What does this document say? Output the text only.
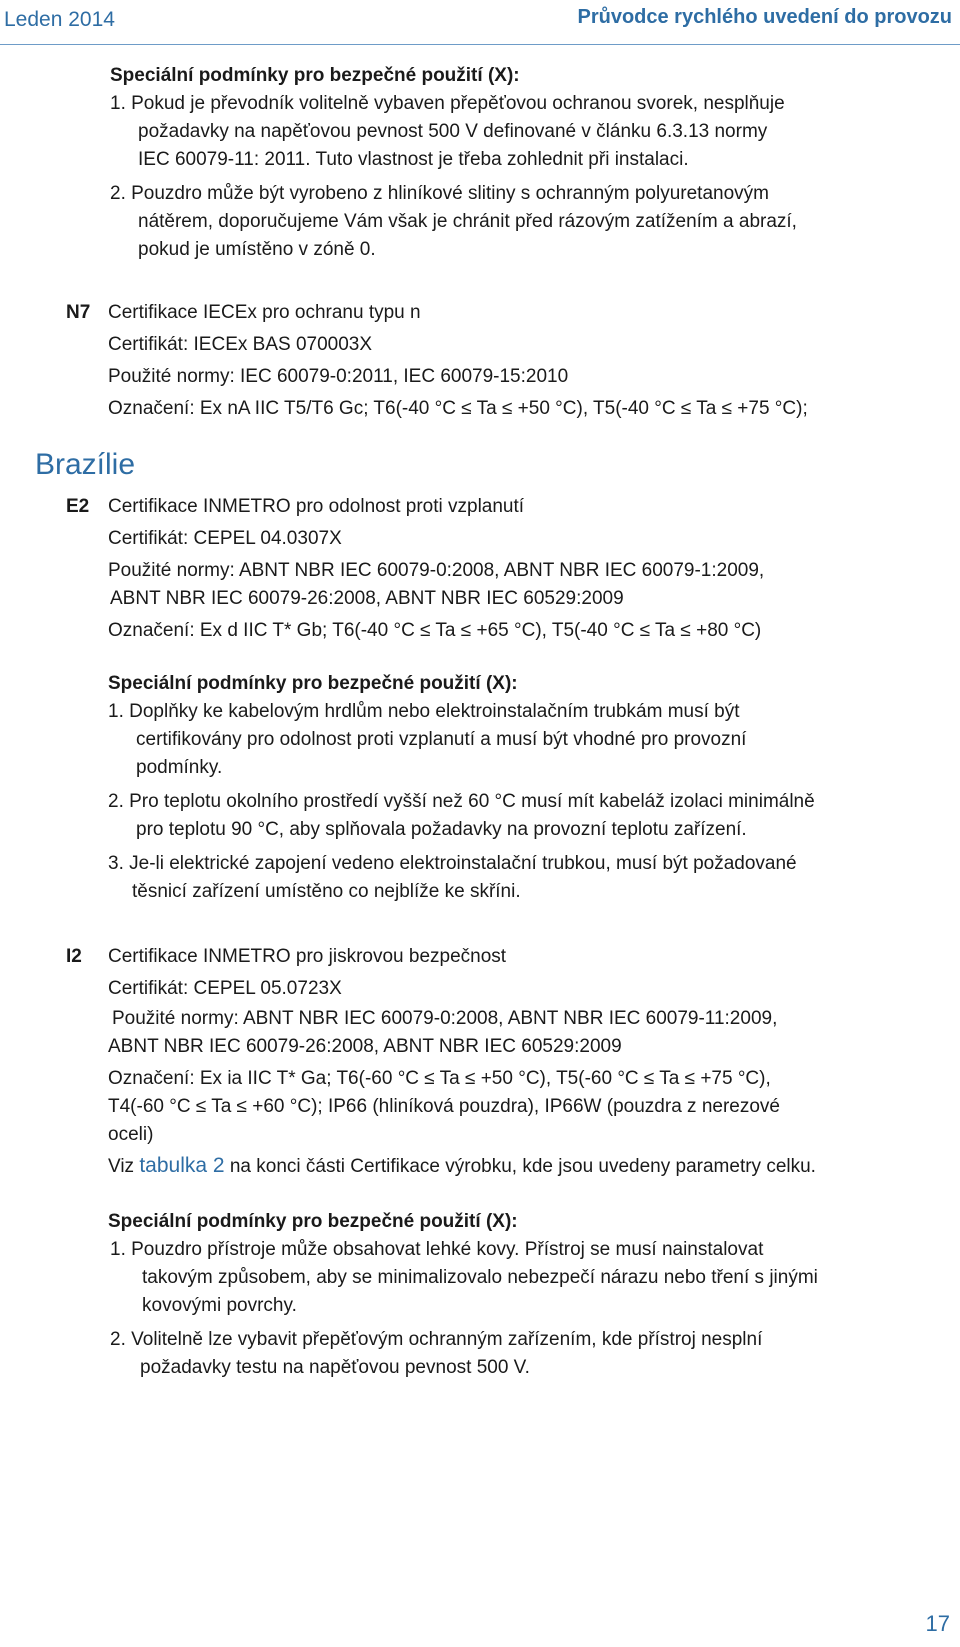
Leden 2014	Průvodce rychlého uvedení do provozu
Speciální podmínky pro bezpečné použití (X):
1. Pokud je převodník volitelně vybaven přepěťovou ochranou svorek, nesplňuje
požadavky na napěťovou pevnost 500 V definované v článku 6.3.13 normy
IEC 60079-11: 2011. Tuto vlastnost je třeba zohlednit při instalaci.
2. Pouzdro může být vyrobeno z hliníkové slitiny s ochranným polyuretanovým
nátěrem, doporučujeme Vám však je chránit před rázovým zatížením a abrazí,
pokud je umístěno v zóně 0.
N7 Certifikace IECEx pro ochranu typu n
Certifikát: IECEx BAS 070003X
Použité normy: IEC 60079-0:2011, IEC 60079-15:2010
Označení: Ex nA IIC T5/T6 Gc; T6(-40 °C ≤ Ta ≤ +50 °C), T5(-40 °C ≤ Ta ≤ +75 °C);
Brazílie
E2 Certifikace INMETRO pro odolnost proti vzplanutí
Certifikát: CEPEL 04.0307X
Použité normy: ABNT NBR IEC 60079-0:2008, ABNT NBR IEC 60079-1:2009,
ABNT NBR IEC 60079-26:2008, ABNT NBR IEC 60529:2009
Označení: Ex d IIC T* Gb; T6(-40 °C ≤ Ta ≤ +65 °C), T5(-40 °C ≤ Ta ≤ +80 °C)
Speciální podmínky pro bezpečné použití (X):
1. Doplňky ke kabelovým hrdlům nebo elektroinstalačním trubkám musí být
certifikovány pro odolnost proti vzplanutí a musí být vhodné pro provozní
podmínky.
2. Pro teplotu okolního prostředí vyšší než 60 °C musí mít kabeláž izolaci minimálně
pro teplotu 90 °C, aby splňovala požadavky na provozní teplotu zařízení.
3. Je-li elektrické zapojení vedeno elektroinstalační trubkou, musí být požadované
těsnicí zařízení umístěno co nejblíže ke skříni.
I2 Certifikace INMETRO pro jiskrovou bezpečnost
Certifikát: CEPEL 05.0723X
Použité normy: ABNT NBR IEC 60079-0:2008, ABNT NBR IEC 60079-11:2009,
ABNT NBR IEC 60079-26:2008, ABNT NBR IEC 60529:2009
Označení: Ex ia IIC T* Ga; T6(-60 °C ≤ Ta ≤ +50 °C), T5(-60 °C ≤ Ta ≤ +75 °C),
T4(-60 °C ≤ Ta ≤ +60 °C); IP66 (hliníková pouzdra), IP66W (pouzdra z nerezové
oceli)
Viz tabulka 2 na konci části Certifikace výrobku, kde jsou uvedeny parametry celku.
Speciální podmínky pro bezpečné použití (X):
1. Pouzdro přístroje může obsahovat lehké kovy. Přístroj se musí nainstalovat
takovým způsobem, aby se minimalizovalo nebezpečí nárazu nebo tření s jinými
kovovými povrchy.
2. Volitelně lze vybavit přepěťovým ochranným zařízením, kde přístroj nesplní
požadavky testu na napěťovou pevnost 500 V.
17
